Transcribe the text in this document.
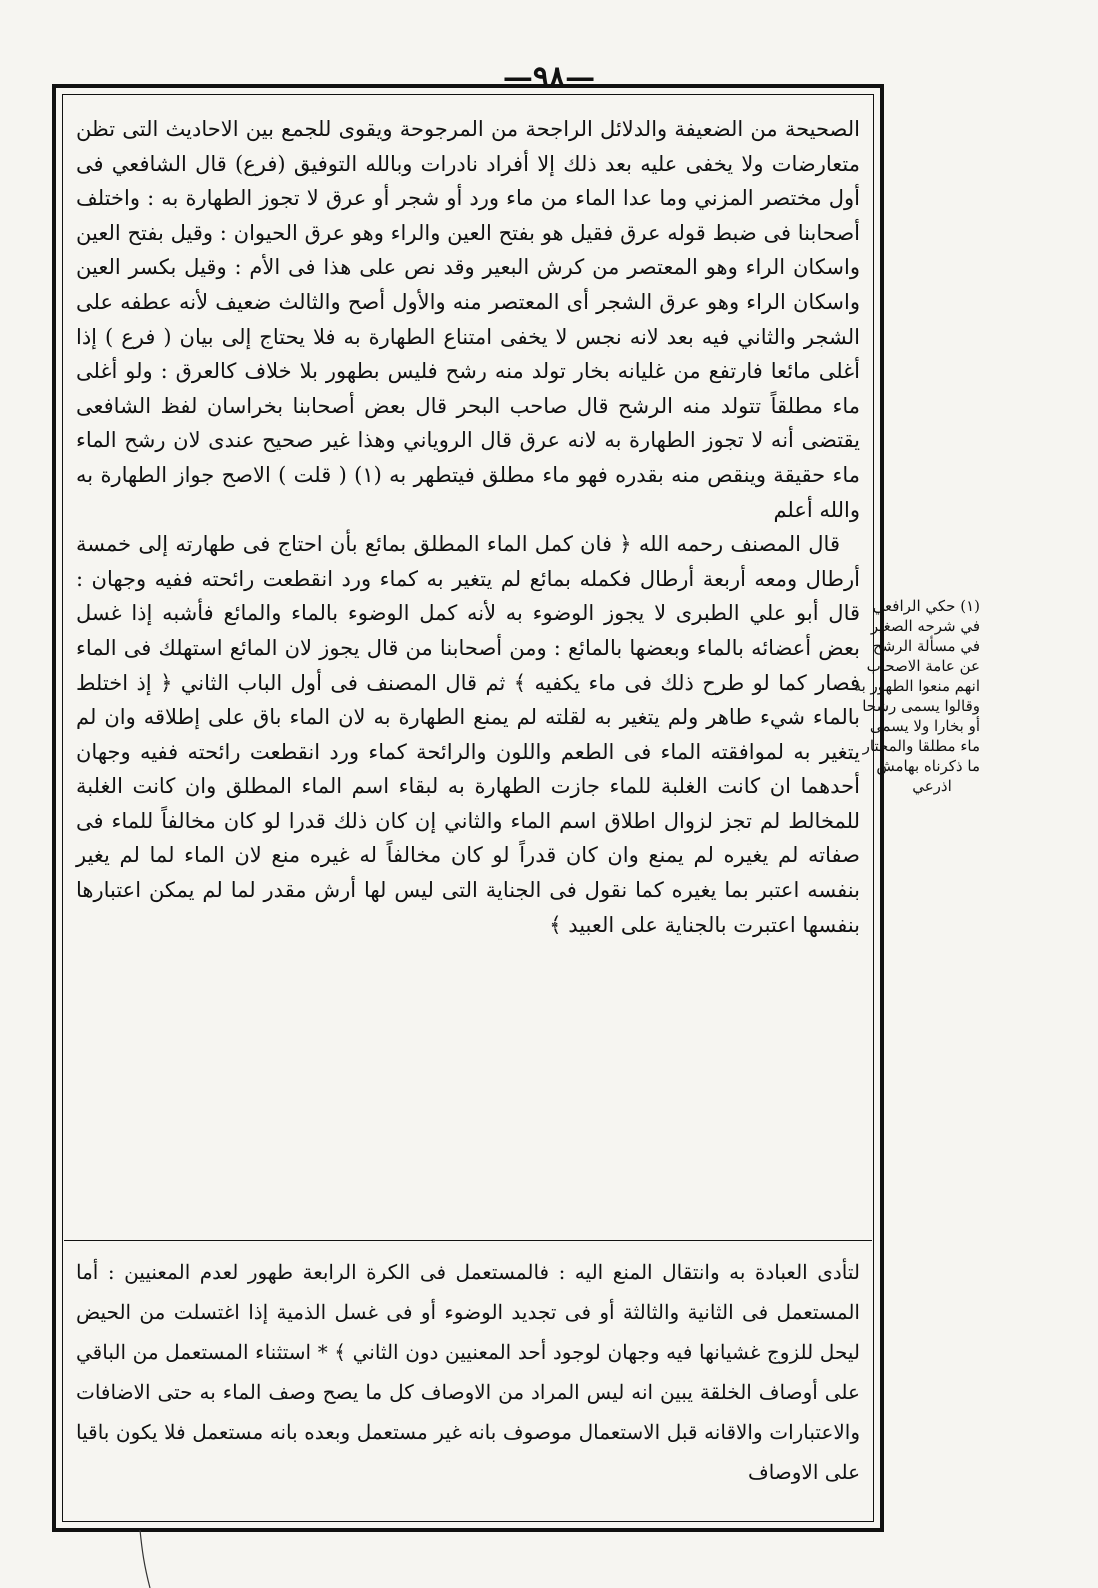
—٩٨—

الصحيحة من الضعيفة والدلائل الراجحة من المرجوحة ويقوى للجمع بين الاحاديث التى تظن متعارضات ولا يخفى عليه بعد ذلك إلا أفراد نادرات وبالله التوفيق (فرع) قال الشافعي فى أول مختصر المزني وما عدا الماء من ماء ورد أو شجر أو عرق لا تجوز الطهارة به : واختلف أصحابنا فى ضبط قوله عرق فقيل هو بفتح العين والراء وهو عرق الحيوان : وقيل بفتح العين واسكان الراء وهو المعتصر من كرش البعير وقد نص على هذا فى الأم : وقيل بكسر العين واسكان الراء وهو عرق الشجر أى المعتصر منه والأول أصح والثالث ضعيف لأنه عطفه على الشجر والثاني فيه بعد لانه نجس لا يخفى امتناع الطهارة به فلا يحتاج إلى بيان ( فرع ) إذا أغلى مائعا فارتفع من غليانه بخار تولد منه رشح فليس بطهور بلا خلاف كالعرق : ولو أغلى ماء مطلقاً تتولد منه الرشح قال صاحب البحر قال بعض أصحابنا بخراسان لفظ الشافعى يقتضى أنه لا تجوز الطهارة به لانه عرق قال الروياني وهذا غير صحيح عندى لان رشح الماء ماء حقيقة وينقص منه بقدره فهو ماء مطلق فيتطهر به (١) ( قلت ) الاصح جواز الطهارة به والله أعلم

قال المصنف رحمه الله ﴿ فان كمل الماء المطلق بمائع بأن احتاج فى طهارته إلى خمسة أرطال ومعه أربعة أرطال فكمله بمائع لم يتغير به كماء ورد انقطعت رائحته ففيه وجهان : قال أبو علي الطبرى لا يجوز الوضوء به لأنه كمل الوضوء بالماء والمائع فأشبه إذا غسل بعض أعضائه بالماء وبعضها بالمائع : ومن أصحابنا من قال يجوز لان المائع استهلك فى الماء فصار كما لو طرح ذلك فى ماء يكفيه ﴾ ثم قال المصنف فى أول الباب الثاني ﴿ إذ اختلط بالماء شيء طاهر ولم يتغير به لقلته لم يمنع الطهارة به لان الماء باق على إطلاقه وان لم يتغير به لموافقته الماء فى الطعم واللون والرائحة كماء ورد انقطعت رائحته ففيه وجهان أحدهما ان كانت الغلبة للماء جازت الطهارة به لبقاء اسم الماء المطلق وان كانت الغلبة للمخالط لم تجز لزوال اطلاق اسم الماء والثاني إن كان ذلك قدرا لو كان مخالفاً للماء فى صفاته لم يغيره لم يمنع وان كان قدراً لو كان مخالفاً له غيره منع لان الماء لما لم يغير بنفسه اعتبر بما يغيره كما نقول فى الجناية التى ليس لها أرش مقدر لما لم يمكن اعتبارها بنفسها اعتبرت بالجناية على العبيد ﴾

لتأدى العبادة به وانتقال المنع اليه : فالمستعمل فى الكرة الرابعة طهور لعدم المعنيين : أما المستعمل فى الثانية والثالثة أو فى تجديد الوضوء أو فى غسل الذمية إذا اغتسلت من الحيض ليحل للزوج غشيانها فيه وجهان لوجود أحد المعنيين دون الثاني ﴾ * استثناء المستعمل من الباقي على أوصاف الخلقة يبين انه ليس المراد من الاوصاف كل ما يصح وصف الماء به حتى الاضافات والاعتبارات والاقانه قبل الاستعمال موصوف بانه غير مستعمل وبعده بانه مستعمل فلا يكون باقيا على الاوصاف

(١) حكي الرافعي
في شرحه الصغير
في مسألة الرشح
عن عامة الاصحاب
انهم منعوا الطهور به
وقالوا يسمى رشحا
أو بخارا ولا يسمى
ماء مطلقا والمختار
ما ذكرناه بهامش
اذرعي
